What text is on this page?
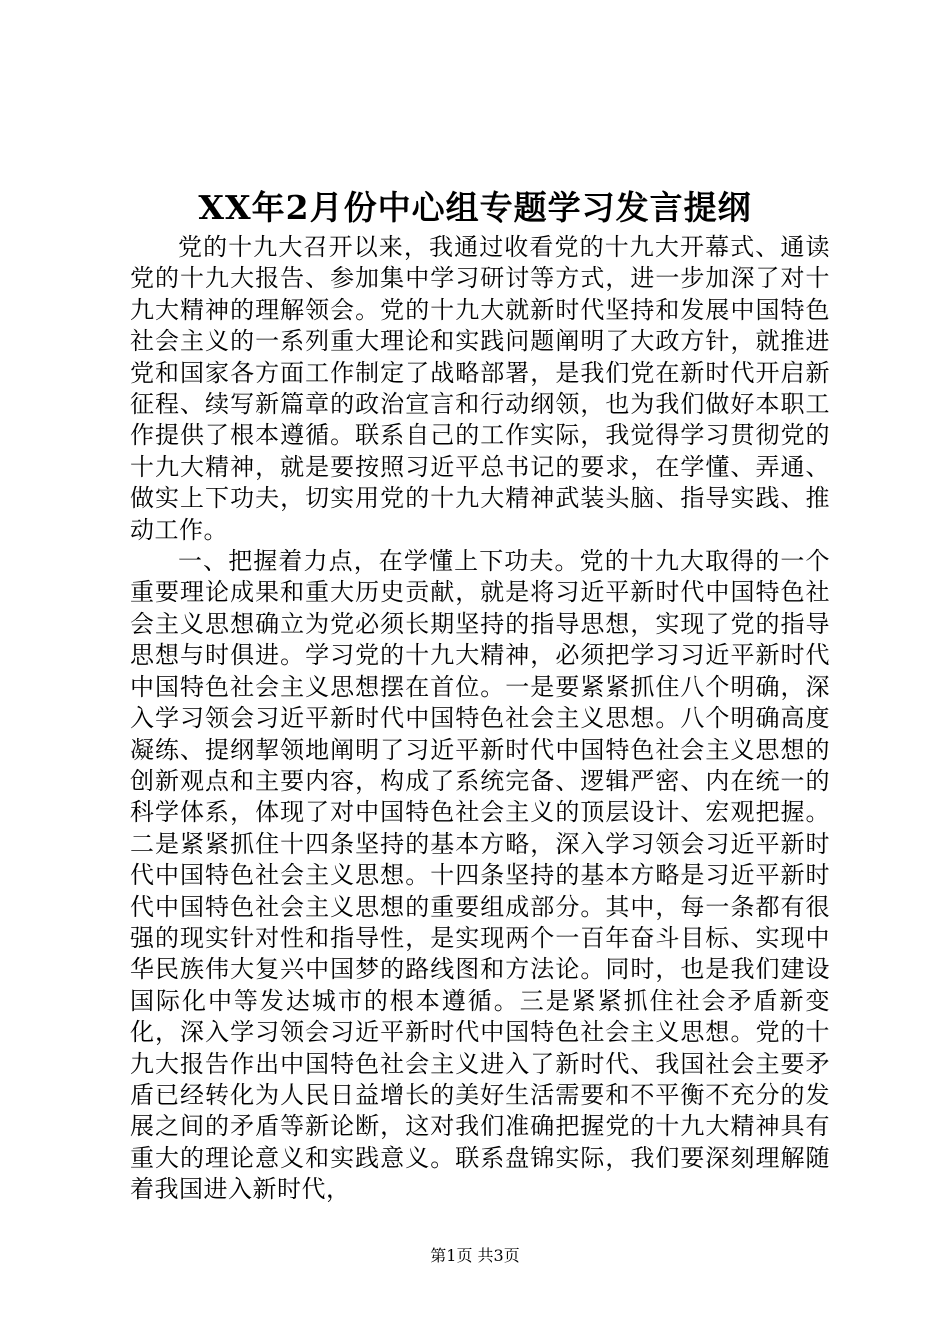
XX年2月份中心组专题学习发言提纲

党的十九大召开以来，我通过收看党的十九大开幕式、通读党的十九大报告、参加集中学习研讨等方式，进一步加深了对十九大精神的理解领会。党的十九大就新时代坚持和发展中国特色社会主义的一系列重大理论和实践问题阐明了大政方针，就推进党和国家各方面工作制定了战略部署，是我们党在新时代开启新征程、续写新篇章的政治宣言和行动纲领，也为我们做好本职工作提供了根本遵循。联系自己的工作实际，我觉得学习贯彻党的十九大精神，就是要按照习近平总书记的要求，在学懂、弄通、做实上下功夫，切实用党的十九大精神武装头脑、指导实践、推动工作。

一、把握着力点，在学懂上下功夫。党的十九大取得的一个重要理论成果和重大历史贡献，就是将习近平新时代中国特色社会主义思想确立为党必须长期坚持的指导思想，实现了党的指导思想与时俱进。学习党的十九大精神，必须把学习习近平新时代中国特色社会主义思想摆在首位。一是要紧紧抓住八个明确，深入学习领会习近平新时代中国特色社会主义思想。八个明确高度凝练、提纲挈领地阐明了习近平新时代中国特色社会主义思想的创新观点和主要内容，构成了系统完备、逻辑严密、内在统一的科学体系，体现了对中国特色社会主义的顶层设计、宏观把握。二是紧紧抓住十四条坚持的基本方略，深入学习领会习近平新时代中国特色社会主义思想。十四条坚持的基本方略是习近平新时代中国特色社会主义思想的重要组成部分。其中，每一条都有很强的现实针对性和指导性，是实现两个一百年奋斗目标、实现中华民族伟大复兴中国梦的路线图和方法论。同时，也是我们建设国际化中等发达城市的根本遵循。三是紧紧抓住社会矛盾新变化，深入学习领会习近平新时代中国特色社会主义思想。党的十九大报告作出中国特色社会主义进入了新时代、我国社会主要矛盾已经转化为人民日益增长的美好生活需要和不平衡不充分的发展之间的矛盾等新论断，这对我们准确把握党的十九大精神具有重大的理论意义和实践意义。联系盘锦实际，我们要深刻理解随着我国进入新时代，

第1页 共3页
